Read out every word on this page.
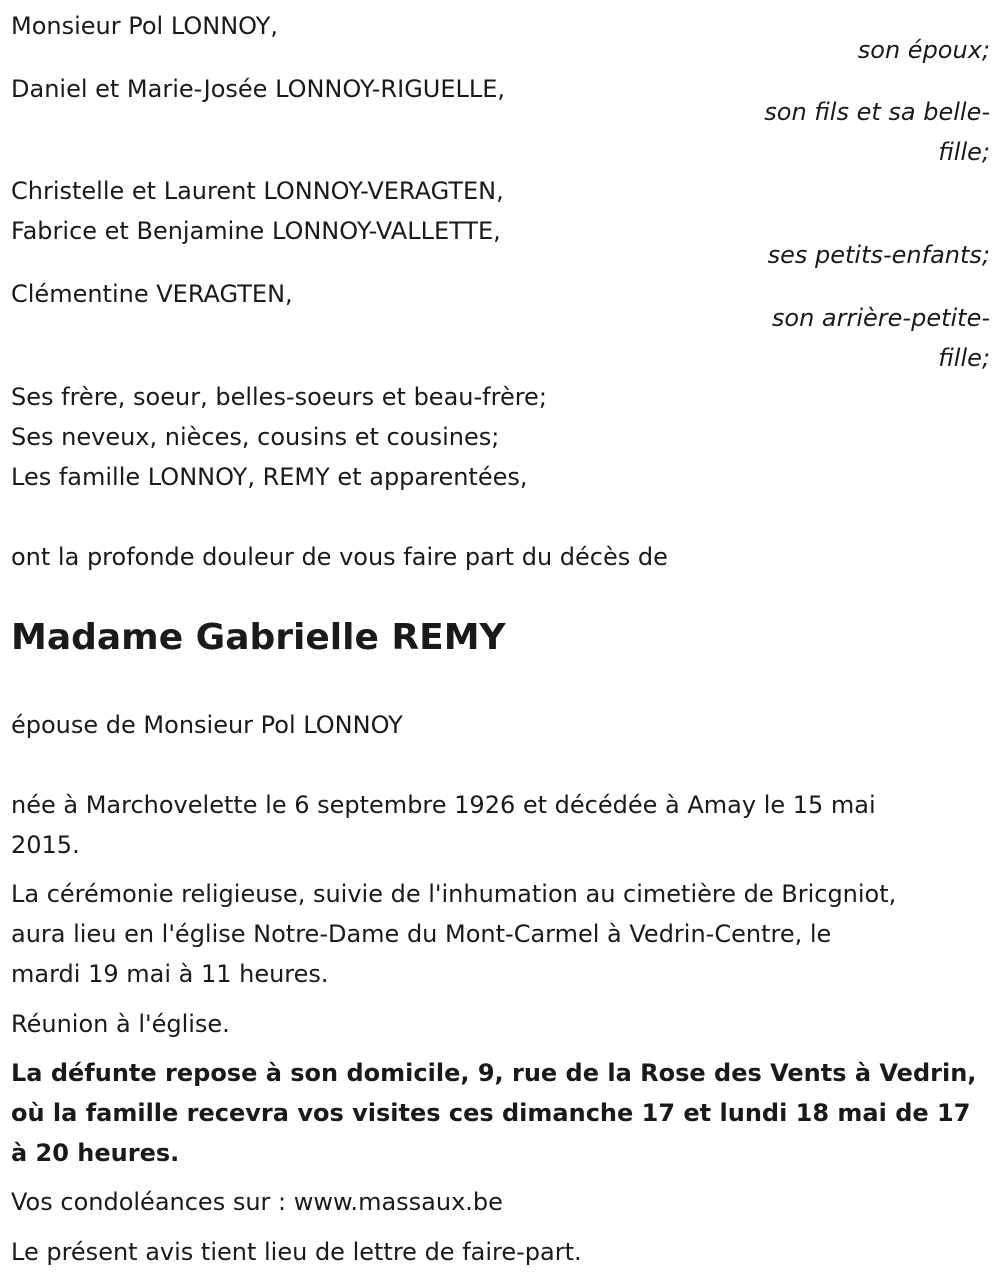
Monsieur Pol LONNOY,
son époux;
Daniel et Marie-Josée LONNOY-RIGUELLE,
son fils et sa belle-
fille;
Christelle et Laurent LONNOY-VERAGTEN,
Fabrice et Benjamine LONNOY-VALLETTE,
ses petits-enfants;
Clémentine VERAGTEN,
son arrière-petite-
fille;
Ses frère, soeur, belles-soeurs et beau-frère;
Ses neveux, nièces, cousins et cousines;
Les famille LONNOY, REMY et apparentées,
ont la profonde douleur de vous faire part du décès de
Madame Gabrielle REMY
épouse de Monsieur Pol LONNOY
née à Marchovelette le 6 septembre 1926 et décédée à Amay le 15 mai
2015.
La cérémonie religieuse, suivie de l'inhumation au cimetière de Bricgniot,
aura lieu en l'église Notre-Dame du Mont-Carmel à Vedrin-Centre, le
mardi 19 mai à 11 heures.
Réunion à l'église.
La défunte repose à son domicile, 9, rue de la Rose des Vents à Vedrin,
où la famille recevra vos visites ces dimanche 17 et lundi 18 mai de 17
à 20 heures.
Vos condoléances sur : www.massaux.be
Le présent avis tient lieu de lettre de faire-part.
